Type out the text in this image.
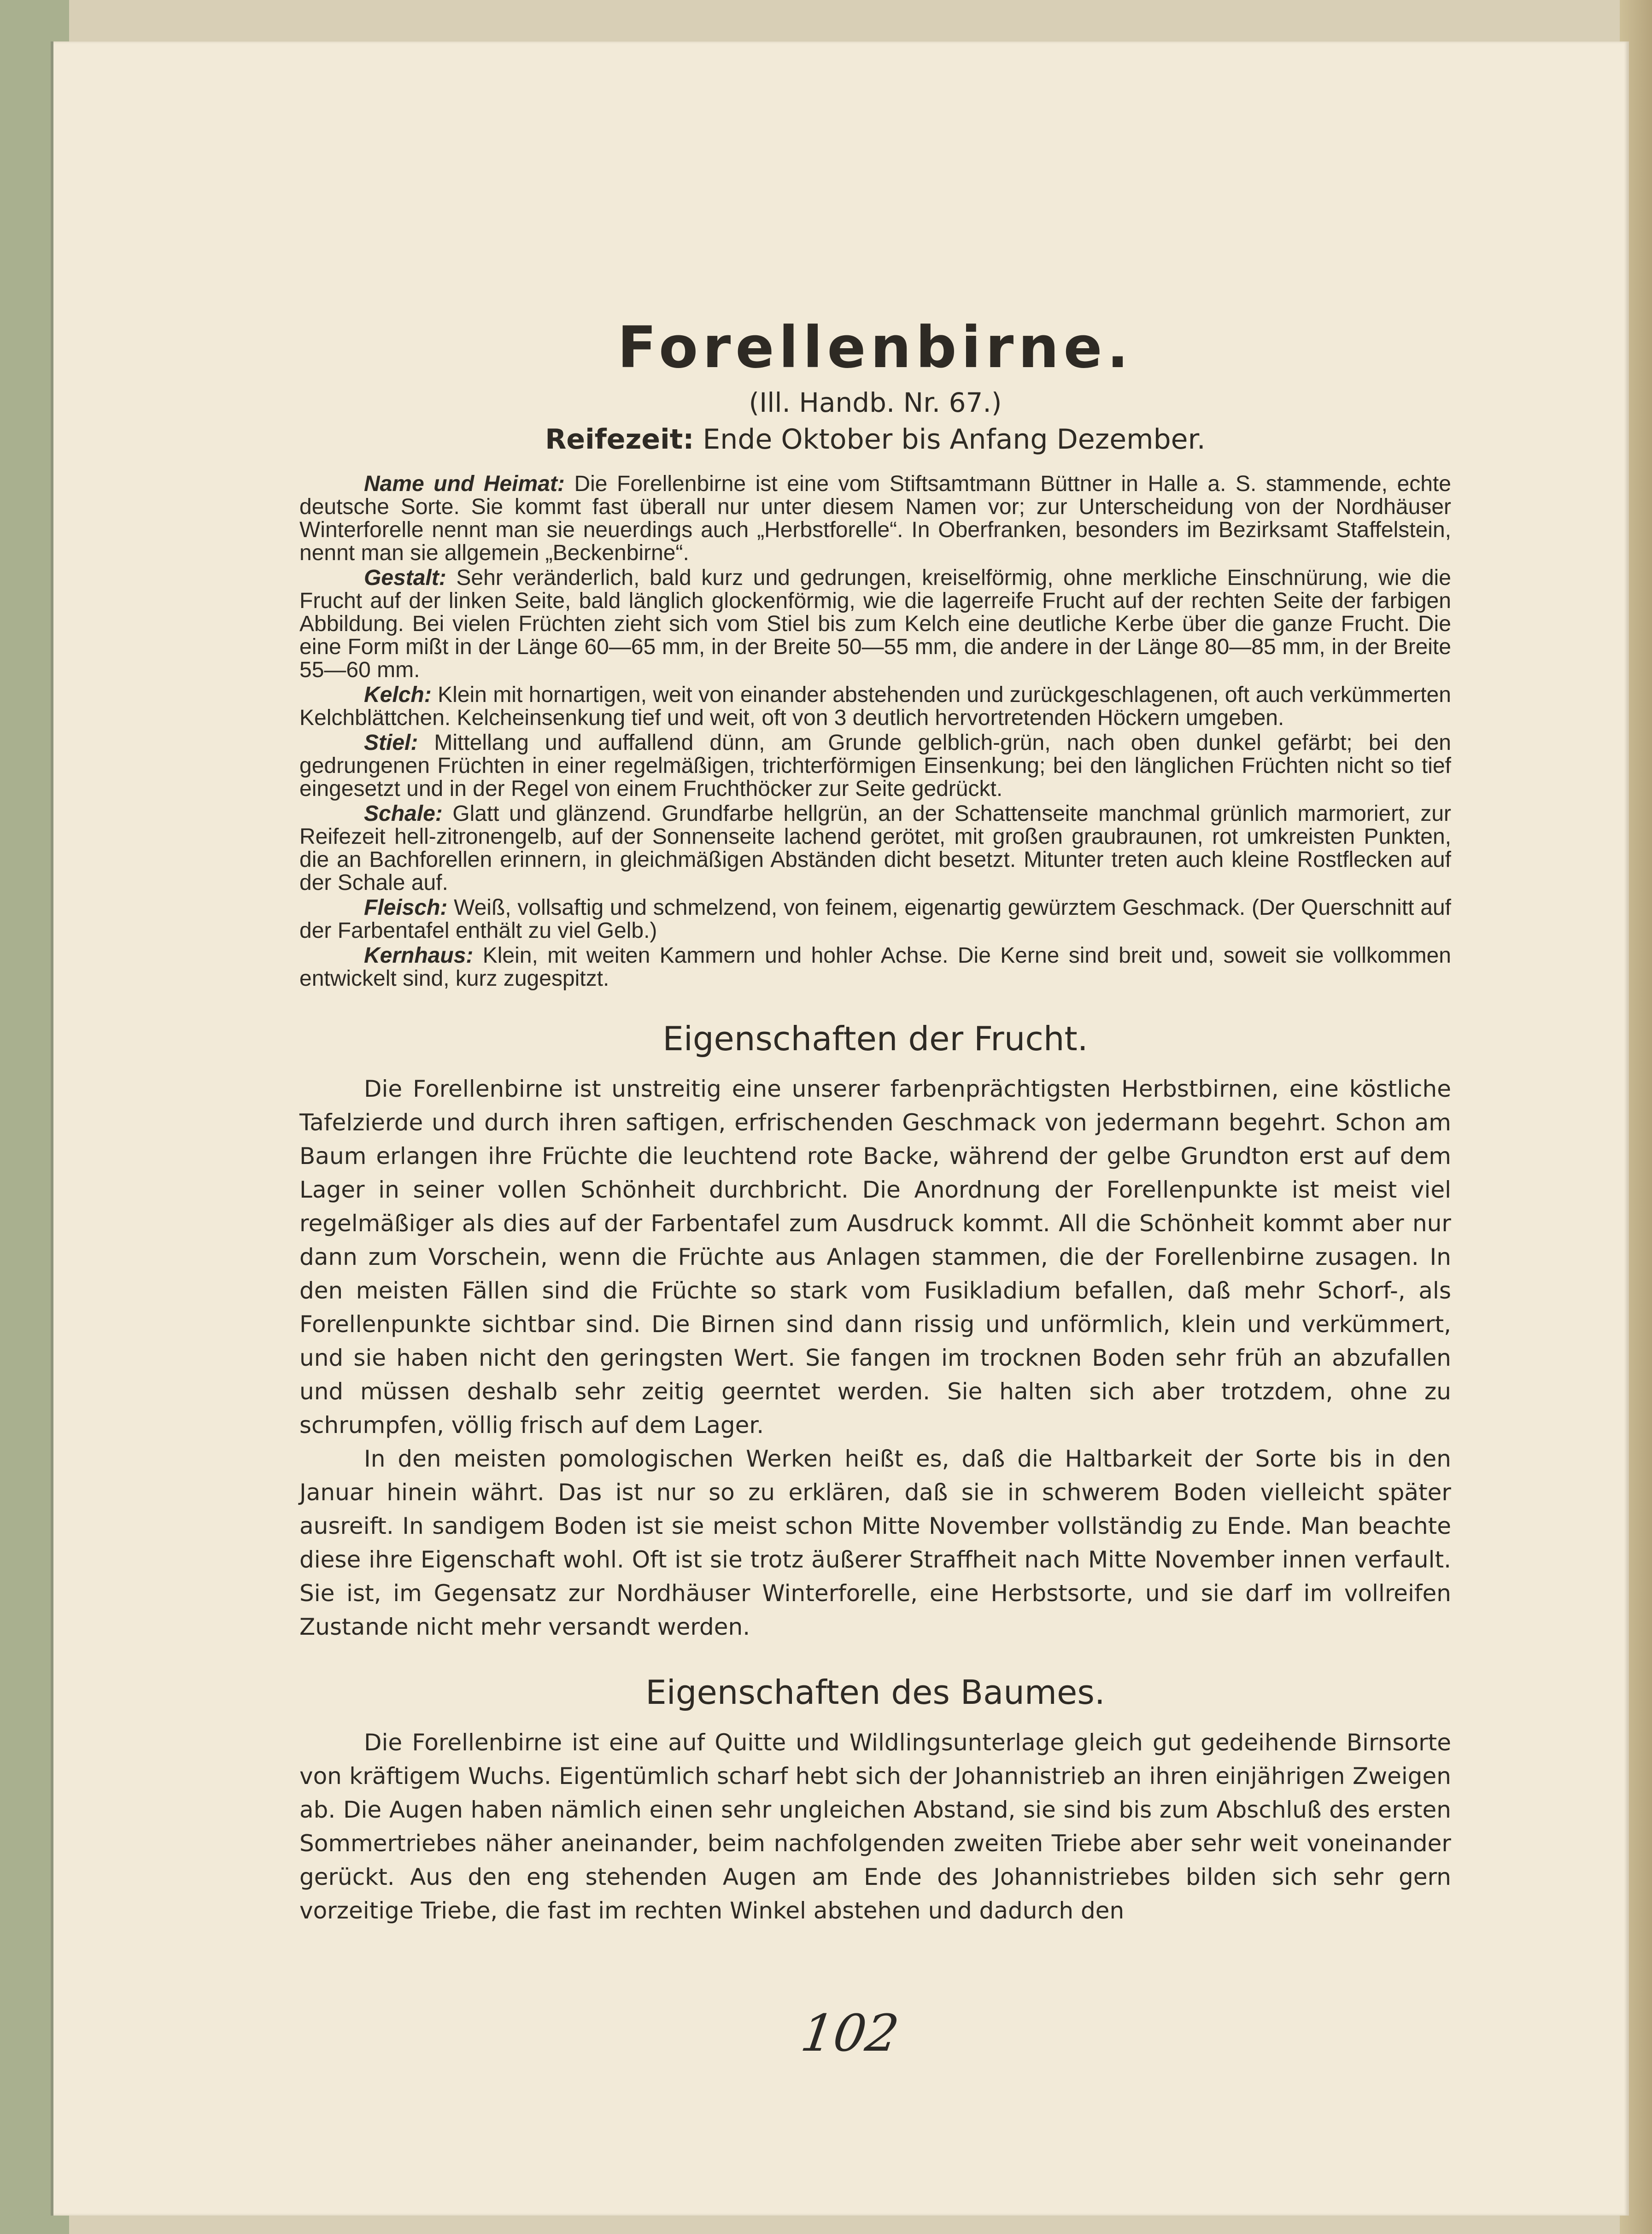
Forellenbirne.
(Ill. Handb. Nr. 67.)
Reifezeit: Ende Oktober bis Anfang Dezember.

Name und Heimat: Die Forellenbirne ist eine vom Stiftsamtmann Büttner in Halle a. S. stammende, echte deutsche Sorte. Sie kommt fast überall nur unter diesem Namen vor; zur Unterscheidung von der Nordhäuser Winterforelle nennt man sie neuerdings auch „Herbstforelle“. In Oberfranken, besonders im Bezirksamt Staffelstein, nennt man sie allgemein „Beckenbirne“.

Gestalt: Sehr veränderlich, bald kurz und gedrungen, kreiselförmig, ohne merkliche Einschnürung, wie die Frucht auf der linken Seite, bald länglich glockenförmig, wie die lagerreife Frucht auf der rechten Seite der farbigen Abbildung. Bei vielen Früchten zieht sich vom Stiel bis zum Kelch eine deutliche Kerbe über die ganze Frucht. Die eine Form mißt in der Länge 60—65 mm, in der Breite 50—55 mm, die andere in der Länge 80—85 mm, in der Breite 55—60 mm.

Kelch: Klein mit hornartigen, weit von einander abstehenden und zurückgeschlagenen, oft auch verkümmerten Kelchblättchen. Kelcheinsenkung tief und weit, oft von 3 deutlich hervortretenden Höckern umgeben.

Stiel: Mittellang und auffallend dünn, am Grunde gelblich-grün, nach oben dunkel gefärbt; bei den gedrungenen Früchten in einer regelmäßigen, trichterförmigen Einsenkung; bei den länglichen Früchten nicht so tief eingesetzt und in der Regel von einem Fruchthöcker zur Seite gedrückt.

Schale: Glatt und glänzend. Grundfarbe hellgrün, an der Schattenseite manchmal grünlich marmoriert, zur Reifezeit hell-zitronengelb, auf der Sonnenseite lachend gerötet, mit großen graubraunen, rot umkreisten Punkten, die an Bachforellen erinnern, in gleichmäßigen Abständen dicht besetzt. Mitunter treten auch kleine Rostflecken auf der Schale auf.

Fleisch: Weiß, vollsaftig und schmelzend, von feinem, eigenartig gewürztem Geschmack. (Der Querschnitt auf der Farbentafel enthält zu viel Gelb.)

Kernhaus: Klein, mit weiten Kammern und hohler Achse. Die Kerne sind breit und, soweit sie vollkommen entwickelt sind, kurz zugespitzt.

Eigenschaften der Frucht.

Die Forellenbirne ist unstreitig eine unserer farbenprächtigsten Herbstbirnen, eine köstliche Tafelzierde und durch ihren saftigen, erfrischenden Geschmack von jedermann begehrt. Schon am Baum erlangen ihre Früchte die leuchtend rote Backe, während der gelbe Grundton erst auf dem Lager in seiner vollen Schönheit durchbricht. Die Anordnung der Forellenpunkte ist meist viel regelmäßiger als dies auf der Farbentafel zum Ausdruck kommt. All die Schönheit kommt aber nur dann zum Vorschein, wenn die Früchte aus Anlagen stammen, die der Forellenbirne zusagen. In den meisten Fällen sind die Früchte so stark vom Fusikladium befallen, daß mehr Schorf-, als Forellenpunkte sichtbar sind. Die Birnen sind dann rissig und unförmlich, klein und verkümmert, und sie haben nicht den geringsten Wert. Sie fangen im trocknen Boden sehr früh an abzufallen und müssen deshalb sehr zeitig geerntet werden. Sie halten sich aber trotzdem, ohne zu schrumpfen, völlig frisch auf dem Lager.

In den meisten pomologischen Werken heißt es, daß die Haltbarkeit der Sorte bis in den Januar hinein währt. Das ist nur so zu erklären, daß sie in schwerem Boden vielleicht später ausreift. In sandigem Boden ist sie meist schon Mitte November vollständig zu Ende. Man beachte diese ihre Eigenschaft wohl. Oft ist sie trotz äußerer Straffheit nach Mitte November innen verfault. Sie ist, im Gegensatz zur Nordhäuser Winterforelle, eine Herbstsorte, und sie darf im vollreifen Zustande nicht mehr versandt werden.

Eigenschaften des Baumes.

Die Forellenbirne ist eine auf Quitte und Wildlingsunterlage gleich gut gedeihende Birnsorte von kräftigem Wuchs. Eigentümlich scharf hebt sich der Johannistrieb an ihren einjährigen Zweigen ab. Die Augen haben nämlich einen sehr ungleichen Abstand, sie sind bis zum Abschluß des ersten Sommertriebes näher aneinander, beim nachfolgenden zweiten Triebe aber sehr weit voneinander gerückt. Aus den eng stehenden Augen am Ende des Johannistriebes bilden sich sehr gern vorzeitige Triebe, die fast im rechten Winkel abstehen und dadurch den

102
